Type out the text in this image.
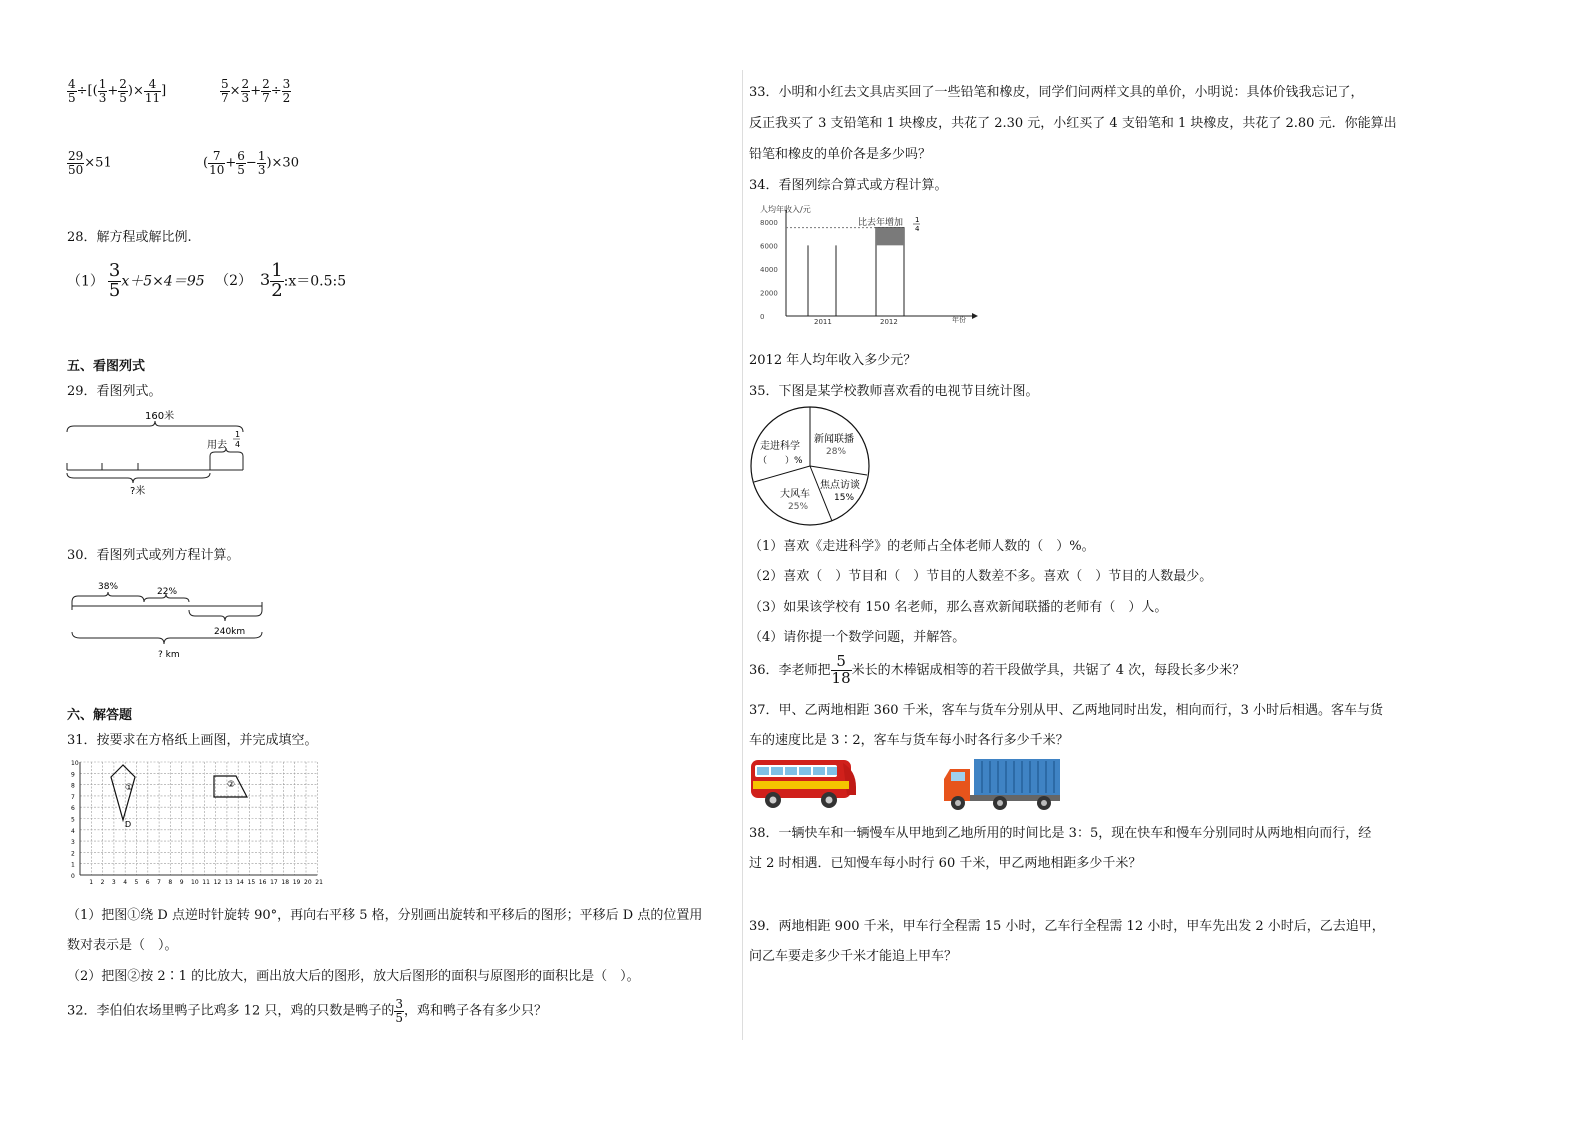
$\frac{4}{5}$ ÷[( $\frac{1}{3} + \frac{2}{5}$ )× $\frac{4}{11}$ ]	$\frac{5}{7} \times \frac{2}{3} + \frac{2}{7} \div \frac{3}{2}$
$\frac{29}{50} \times 51$	( $\frac{7}{10} + \frac{6}{5} - \frac{1}{3} )\times 30$
28．解方程或解比例.
$(1) \frac{3}{5} x+5\times 4=95$ （2） $3 \frac{1}{2}$ :x＝0.5:5
五、看图列式
29．看图列式。
160米
用去
1
4
?米
30．看图列式或列方程计算。
38%	22%
240km
? km
六、解答题
31．按要求在方格纸上画图，并完成填空。
10
9
8
7
6
5
4
3
2
1
0
1 2 3 4 5 6 7 8 9 10 11 12 13 14 15 16 17 18 19 20 21
①
D
②
（1）把图①绕 D 点逆时针旋转 90°，再向右平移 5 格，分别画出旋转和平移后的图形；平移后 D 点的位置用
数对表示是（　）。
（2）把图②按 2∶1 的比放大，画出放大后的图形，放大后图形的面积与原图形的面积比是（　）。
32．李伯伯农场里鸭子比鸡多 12 只，鸡的只数是鸭子的 $\frac{3}{5}$ ，鸡和鸭子各有多少只？
33．小明和小红去文具店买回了一些铅笔和橡皮，同学们问两样文具的单价，小明说：具体价钱我忘记了，
反正我买了 3 支铅笔和 1 块橡皮，共花了 2.30 元，小红买了 4 支铅笔和 1 块橡皮，共花了 2.80 元．你能算出
铅笔和橡皮的单价各是多少吗？
34．看图列综合算式或方程计算。
人均年收入/元
年份
8000
6000
4000
2000
0
2011	2012
比去年增加 1
4
2012 年人均年收入多少元？
35．下图是某学校教师喜欢看的电视节目统计图。
走进科学
（　　）%
新闻联播
28%
焦点访谈
15%
大风车
25%
（1）喜欢《走进科学》的老师占全体老师人数的（　）%。
（2）喜欢（　）节目和（　）节目的人数差不多。喜欢（　）节目的人数最少。
（3）如果该学校有 150 名老师，那么喜欢新闻联播的老师有（　）人。
（4）请你提一个数学问题，并解答。
36．李老师把 $\frac{5}{18}$ 米长的木棒锯成相等的若干段做学具，共锯了 4 次，每段长多少米？
37．甲、乙两地相距 360 千米，客车与货车分别从甲、乙两地同时出发，相向而行，3 小时后相遇。客车与货
车的速度比是 3∶2，客车与货车每小时各行多少千米？
38．一辆快车和一辆慢车从甲地到乙地所用的时间比是 3：5，现在快车和慢车分别同时从两地相向而行，经
过 2 时相遇．已知慢车每小时行 60 千米，甲乙两地相距多少千米？
39．两地相距 900 千米，甲车行全程需 15 小时，乙车行全程需 12 小时，甲车先出发 2 小时后，乙去追甲，
问乙车要走多少千米才能追上甲车？
